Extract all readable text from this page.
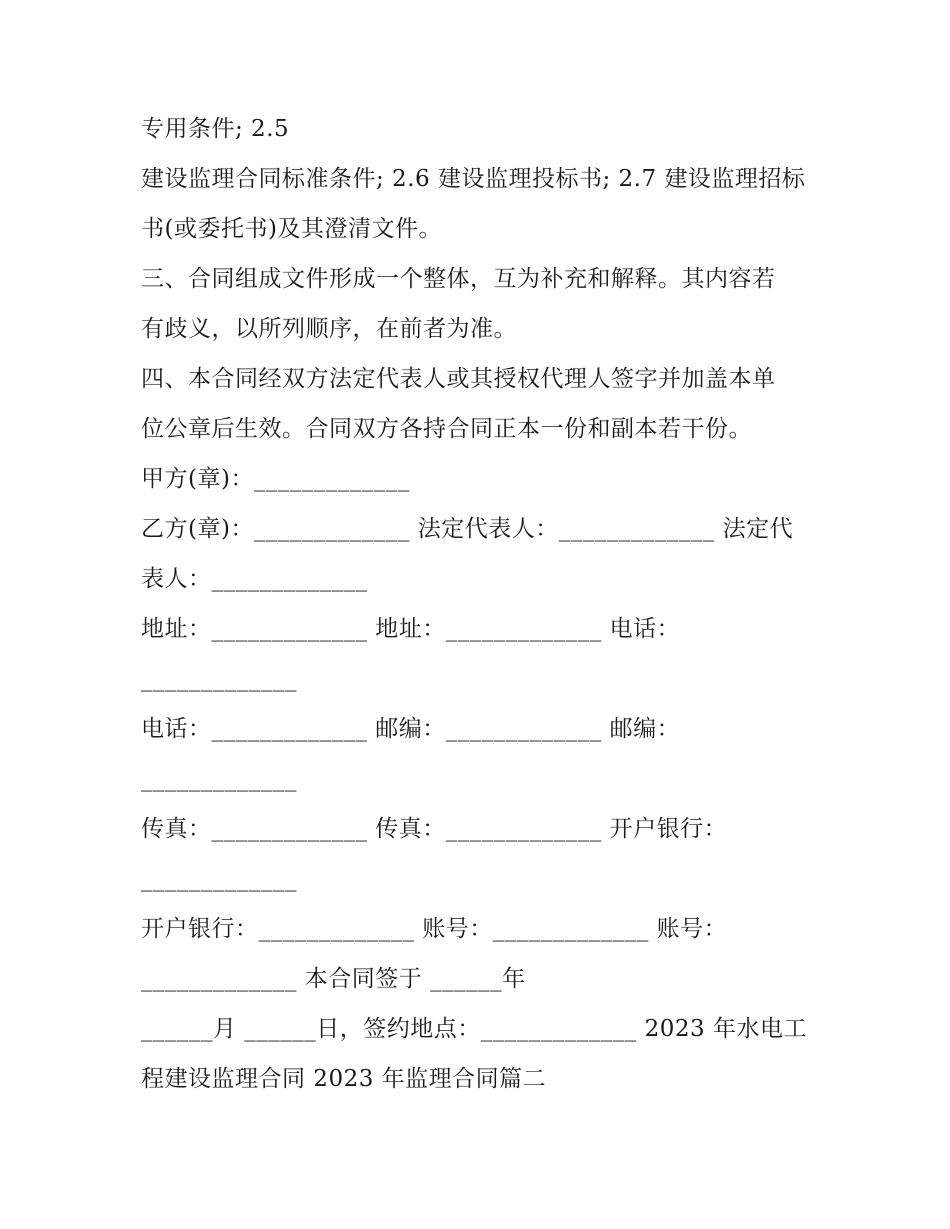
专用条件; 2.5
建设监理合同标准条件; 2.6 建设监理投标书; 2.7 建设监理招标
书(或委托书)及其澄清文件。
三、合同组成文件形成一个整体，互为补充和解释。其内容若
有歧义，以所列顺序，在前者为准。
四、本合同经双方法定代表人或其授权代理人签字并加盖本单
位公章后生效。合同双方各持合同正本一份和副本若干份。
甲方(章)：_____________
乙方(章)：_____________ 法定代表人：_____________ 法定代
表人：_____________
地址：_____________ 地址：_____________ 电话：
_____________
电话：_____________ 邮编：_____________ 邮编：
_____________
传真：_____________ 传真：_____________ 开户银行：
_____________
开户银行：_____________ 账号：_____________ 账号：
_____________ 本合同签于 ______年
______月 ______日，签约地点：_____________ 2023 年水电工
程建设监理合同 2023 年监理合同篇二
